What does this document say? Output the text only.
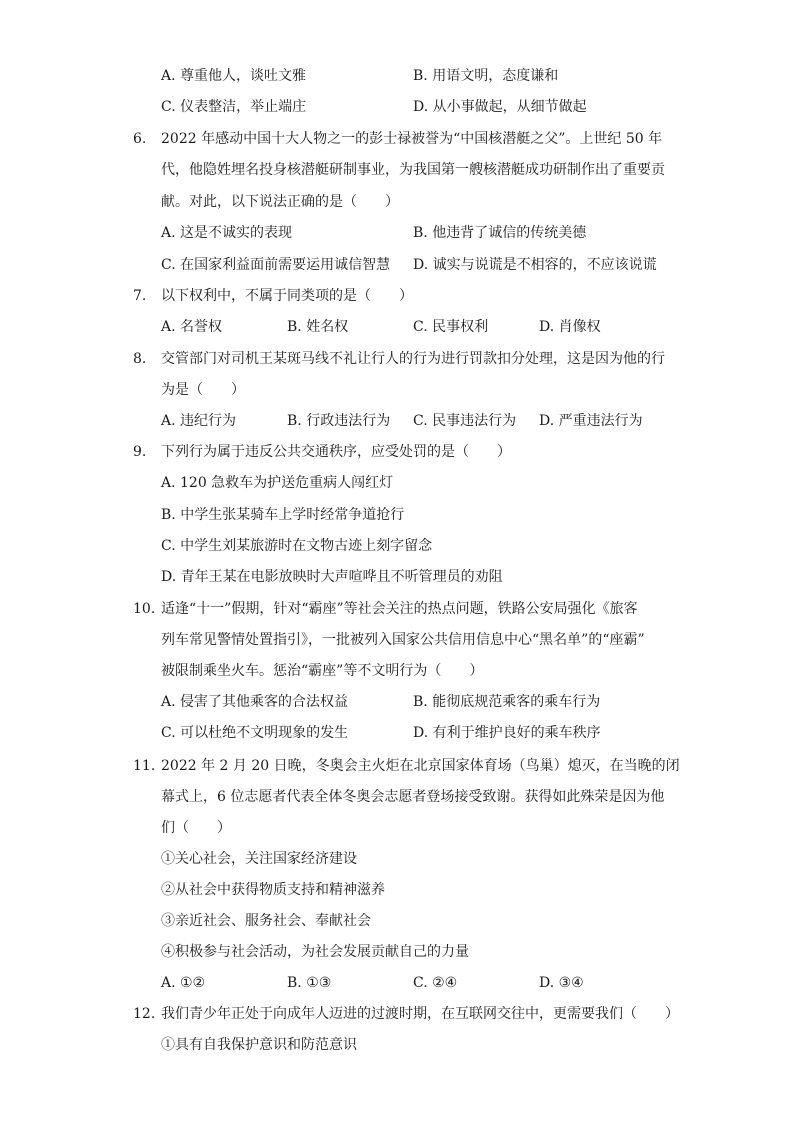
A. 尊重他人，谈吐文雅	B. 用语文明，态度谦和
C. 仪表整洁，举止端庄	D. 从小事做起，从细节做起
6. 2022 年感动中国十大人物之一的彭士禄被誉为“中国核潜艇之父”。上世纪 50 年
代，他隐姓埋名投身核潜艇研制事业，为我国第一艘核潜艇成功研制作出了重要贡
献。对此，以下说法正确的是（　　）
A. 这是不诚实的表现	B. 他违背了诚信的传统美德
C. 在国家利益面前需要运用诚信智慧 D. 诚实与说谎是不相容的，不应该说谎
7. 以下权利中，不属于同类项的是（　　）
A. 名誉权	B. 姓名权	C. 民事权利	D. 肖像权
8. 交管部门对司机王某斑马线不礼让行人的行为进行罚款扣分处理，这是因为他的行
为是（　　）
A. 违纪行为	B. 行政违法行为 C. 民事违法行为 D. 严重违法行为
9. 下列行为属于违反公共交通秩序，应受处罚的是（　　）
A. 120 急救车为护送危重病人闯红灯
B. 中学生张某骑车上学时经常争道抢行
C. 中学生刘某旅游时在文物古迹上刻字留念
D. 青年王某在电影放映时大声喧哗且不听管理员的劝阻
10. 适逢“十一”假期，针对“霸座”等社会关注的热点问题，铁路公安局强化《旅客
列车常见警情处置指引》，一批被列入国家公共信用信息中心“黑名单”的“座霸”
被限制乘坐火车。惩治“霸座”等不文明行为（　　）
A. 侵害了其他乘客的合法权益	B. 能彻底规范乘客的乘车行为
C. 可以杜绝不文明现象的发生	D. 有利于维护良好的乘车秩序
11. 2022 年 2 月 20 日晚，冬奥会主火炬在北京国家体育场（鸟巢）熄灭，在当晚的闭
幕式上，6 位志愿者代表全体冬奥会志愿者登场接受致谢。获得如此殊荣是因为他
们（　　）
①关心社会，关注国家经济建设
②从社会中获得物质支持和精神滋养
③亲近社会、服务社会、奉献社会
④积极参与社会活动，为社会发展贡献自己的力量
A. ①②	B. ①③	C. ②④	D. ③④
12. 我们青少年正处于向成年人迈进的过渡时期，在互联网交往中，更需要我们（　　）
①具有自我保护意识和防范意识
